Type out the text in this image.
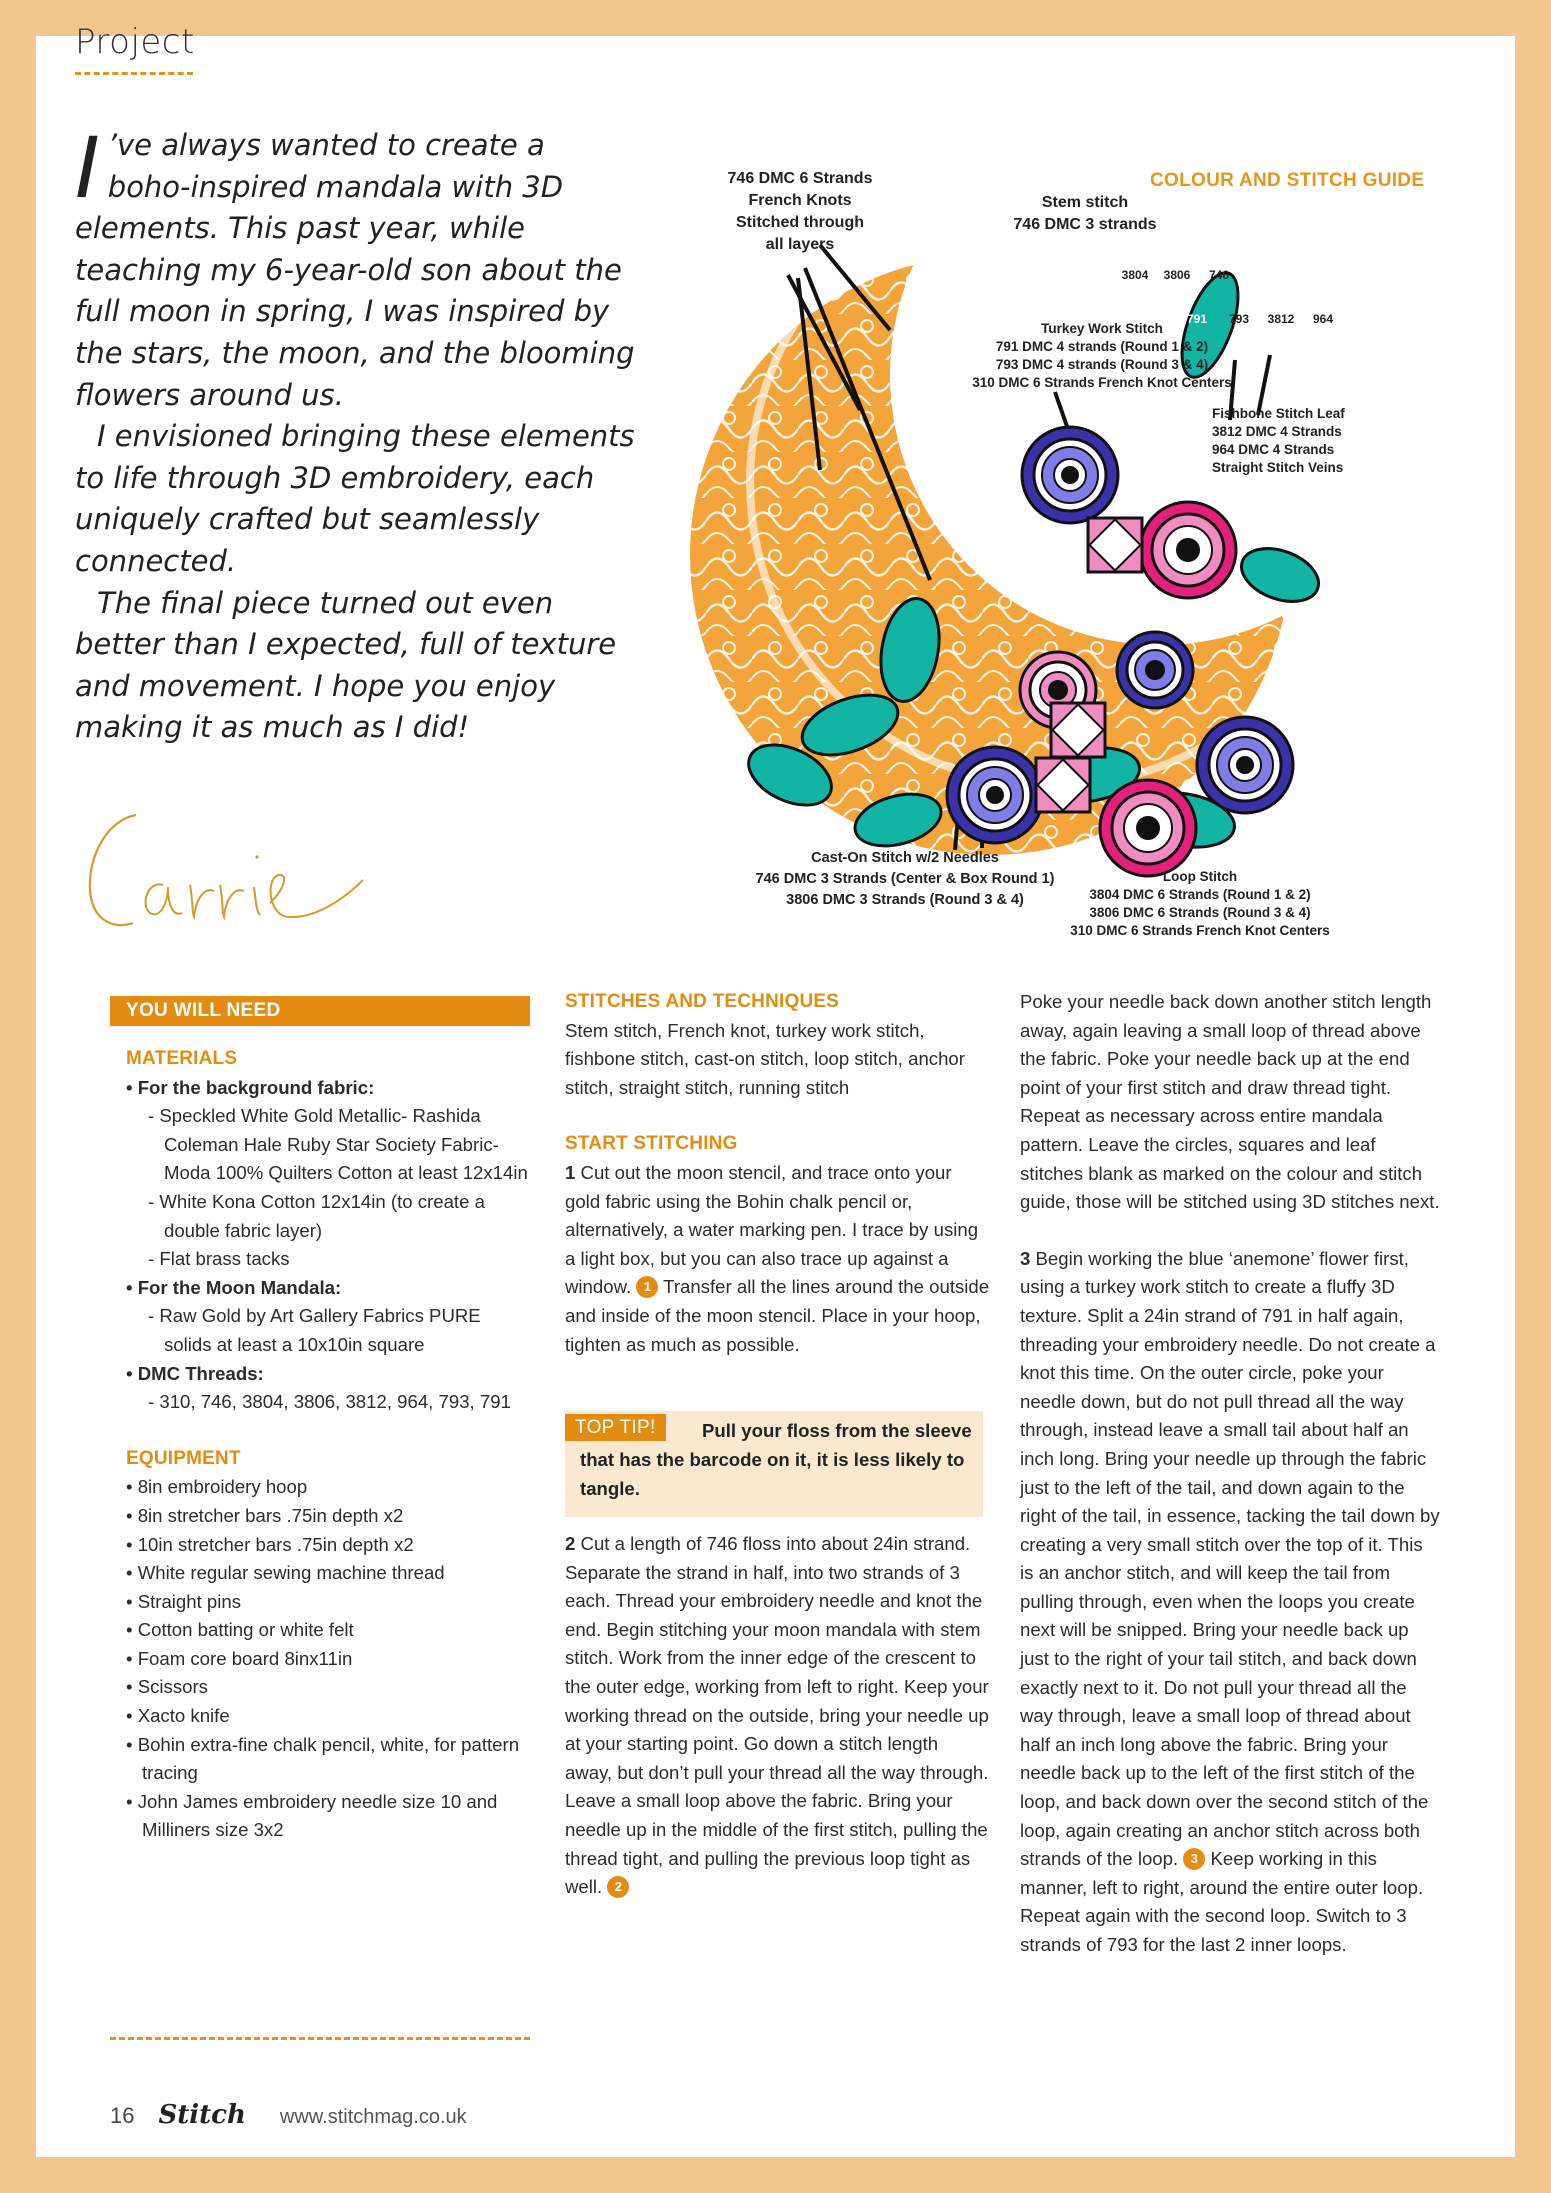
Project

I ’ve always wanted to create a boho-inspired mandala with 3D elements. This past year, while teaching my 6-year-old son about the full moon in spring, I was inspired by the stars, the moon, and the blooming flowers around us.

I envisioned bringing these elements to life through 3D embroidery, each uniquely crafted but seamlessly connected.

The final piece turned out even better than I expected, full of texture and movement. I hope you enjoy making it as much as I did!

COLOUR AND STITCH GUIDE
746 DMC 6 Strands
French Knots
Stitched through
all layers
Stem stitch
746 DMC 3 strands
3804 3806 746 310
791 793 3812 964
Turkey Work Stitch
791 DMC 4 strands (Round 1 & 2)
793 DMC 4 strands (Round 3 & 4)
310 DMC 6 Strands French Knot Centers
Fishbone Stitch Leaf
3812 DMC 4 Strands
964 DMC 4 Strands
Straight Stitch Veins
Cast-On Stitch w/2 Needles
746 DMC 3 Strands (Center & Box Round 1)
3806 DMC 3 Strands (Round 3 & 4)
Loop Stitch
3804 DMC 6 Strands (Round 1 & 2)
3806 DMC 6 Strands (Round 3 & 4)
310 DMC 6 Strands French Knot Centers
YOU WILL NEED
MATERIALS
• For the background fabric:
- Speckled White Gold Metallic- Rashida Coleman Hale Ruby Star Society Fabric- Moda 100% Quilters Cotton at least 12x14in
- White Kona Cotton 12x14in (to create a double fabric layer)
- Flat brass tacks
• For the Moon Mandala:
- Raw Gold by Art Gallery Fabrics PURE solids at least a 10x10in square
• DMC Threads:
- 310, 746, 3804, 3806, 3812, 964, 793, 791
EQUIPMENT
• 8in embroidery hoop
• 8in stretcher bars .75in depth x2
• 10in stretcher bars .75in depth x2
• White regular sewing machine thread
• Straight pins
• Cotton batting or white felt
• Foam core board 8inx11in
• Scissors
• Xacto knife
• Bohin extra-fine chalk pencil, white, for pattern tracing
• John James embroidery needle size 10 and Milliners size 3x2
STITCHES AND TECHNIQUES
Stem stitch, French knot, turkey work stitch, fishbone stitch, cast-on stitch, loop stitch, anchor stitch, straight stitch, running stitch
START STITCHING
1 Cut out the moon stencil, and trace onto your gold fabric using the Bohin chalk pencil or, alternatively, a water marking pen. I trace by using a light box, but you can also trace up against a window. 1 Transfer all the lines around the outside and inside of the moon stencil. Place in your hoop, tighten as much as possible.
TOP TIP!	Pull your floss from the sleeve that has the barcode on it, it is less likely to tangle.
2 Cut a length of 746 floss into about 24in strand. Separate the strand in half, into two strands of 3 each. Thread your embroidery needle and knot the end. Begin stitching your moon mandala with stem stitch. Work from the inner edge of the crescent to the outer edge, working from left to right. Keep your working thread on the outside, bring your needle up at your starting point. Go down a stitch length away, but don’t pull your thread all the way through. Leave a small loop above the fabric. Bring your needle up in the middle of the first stitch, pulling the thread tight, and pulling the previous loop tight as well. 2
Poke your needle back down another stitch length away, again leaving a small loop of thread above the fabric. Poke your needle back up at the end point of your first stitch and draw thread tight. Repeat as necessary across entire mandala pattern. Leave the circles, squares and leaf stitches blank as marked on the colour and stitch guide, those will be stitched using 3D stitches next.
3 Begin working the blue ‘anemone’ flower first, using a turkey work stitch to create a fluffy 3D texture. Split a 24in strand of 791 in half again, threading your embroidery needle. Do not create a knot this time. On the outer circle, poke your needle down, but do not pull thread all the way through, instead leave a small tail about half an inch long. Bring your needle up through the fabric just to the left of the tail, and down again to the right of the tail, in essence, tacking the tail down by creating a very small stitch over the top of it. This is an anchor stitch, and will keep the tail from pulling through, even when the loops you create next will be snipped. Bring your needle back up just to the right of your tail stitch, and back down exactly next to it. Do not pull your thread all the way through, leave a small loop of thread about half an inch long above the fabric. Bring your needle back up to the left of the first stitch of the loop, and back down over the second stitch of the loop, again creating an anchor stitch across both strands of the loop. 3 Keep working in this manner, left to right, around the entire outer loop. Repeat again with the second loop. Switch to 3 strands of 793 for the last 2 inner loops.
16 Stitch www.stitchmag.co.uk
